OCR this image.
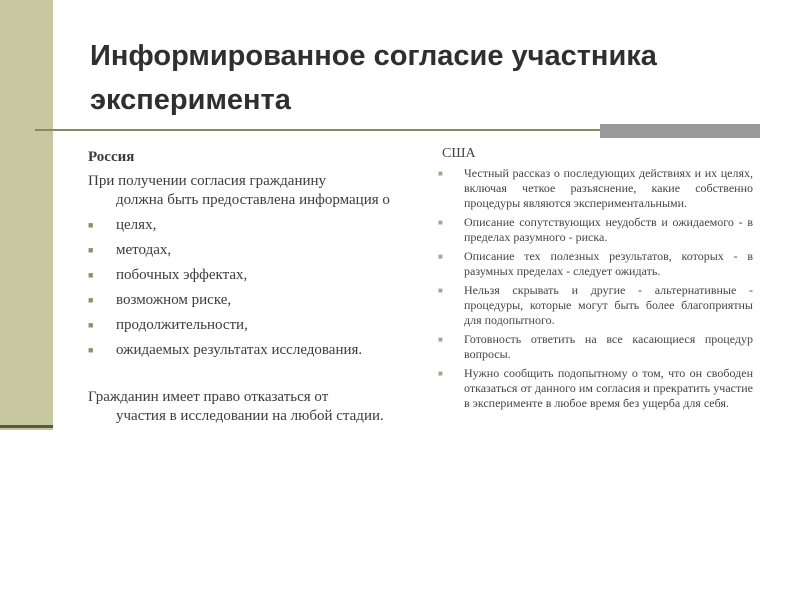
Информированное согласие участника эксперимента
Россия
При получении согласия гражданину
должна быть предоставлена информация о
■ целях,
■ методах,
■ побочных эффектах,
■ возможном риске,
■ продолжительности,
■ ожидаемых результатах исследования.
Гражданин имеет право отказаться от
участия в исследовании на любой стадии.
США
■ Честный рассказ о последующих действиях и их целях, включая четкое разъяснение, какие собственно процедуры являются экспериментальными.
■ Описание сопутствующих неудобств и ожидаемого - в пределах разумного - риска.
■ Описание тех полезных результатов, которых - в разумных пределах - следует ожидать.
■ Нельзя скрывать и другие - альтернативные - процедуры, которые могут быть более благоприятны для подопытного.
■ Готовность ответить на все касающиеся процедур вопросы.
■ Нужно сообщить подопытному о том, что он свободен отказаться от данного им согласия и прекратить участие в эксперименте в любое время без ущерба для себя.
